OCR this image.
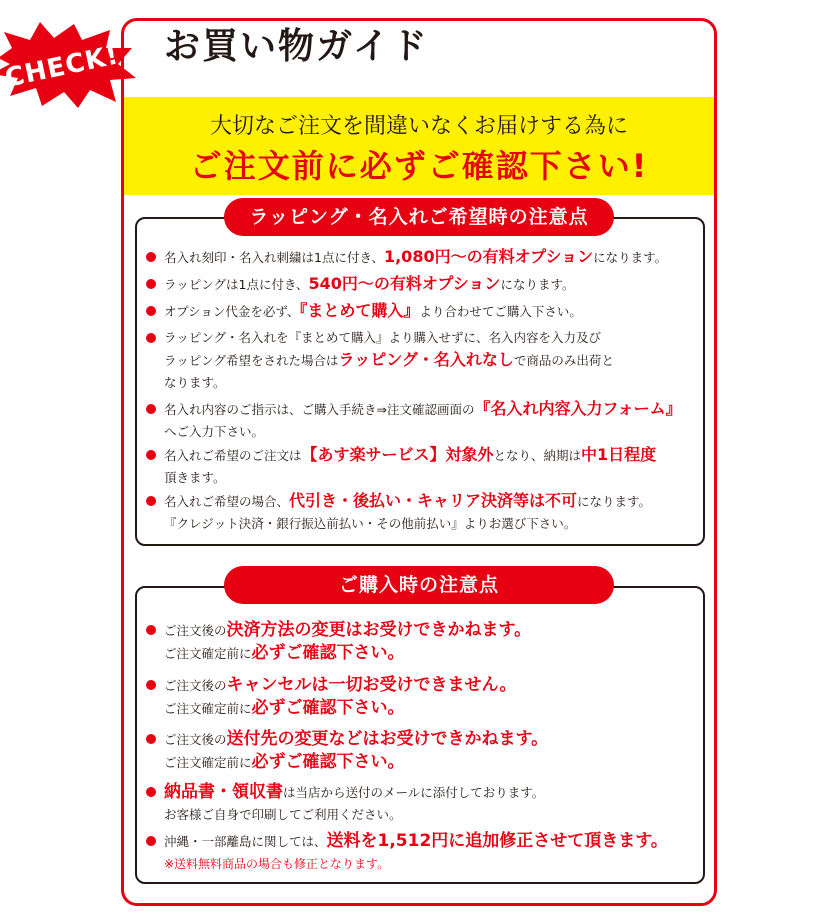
大切なご注文を間違いなくお届けする為に
ご注文前に必ずご確認下さい!
CHECK! お買い物ガイド
ラッピング・名入れご希望時の注意点
名入れ刻印・名入れ刺繍は1点に付き、1,080円〜の有料オプションになります。
ラッピングは1点に付き、540円〜の有料オプションになります。
オプション代金を必ず、『まとめて購入』より合わせてご購入下さい。
ラッピング・名入れを『まとめて購入』より購入せずに、名入内容を入力及び
ラッピング希望をされた場合はラッピング・名入れなしで商品のみ出荷と
なります。
名入れ内容のご指示は、ご購入手続き⇒注文確認画面の『名入れ内容入力フォーム』
へご入力下さい。
名入れご希望のご注文は【あす楽サービス】対象外となり、納期は中1日程度
頂きます。
名入れご希望の場合、代引き・後払い・キャリア決済等は不可になります。
『クレジット決済・銀行振込前払い・その他前払い』よりお選び下さい。
ご購入時の注意点
ご注文後の決済方法の変更はお受けできかねます。
ご注文確定前に必ずご確認下さい。
ご注文後のキャンセルは一切お受けできません。
ご注文確定前に必ずご確認下さい。
ご注文後の送付先の変更などはお受けできかねます。
ご注文確定前に必ずご確認下さい。
納品書・領収書は当店から送付のメールに添付しております。
お客様ご自身で印刷してご利用ください。
沖縄・一部離島に関しては、送料を1,512円に追加修正させて頂きます。
※送料無料商品の場合も修正となります。
